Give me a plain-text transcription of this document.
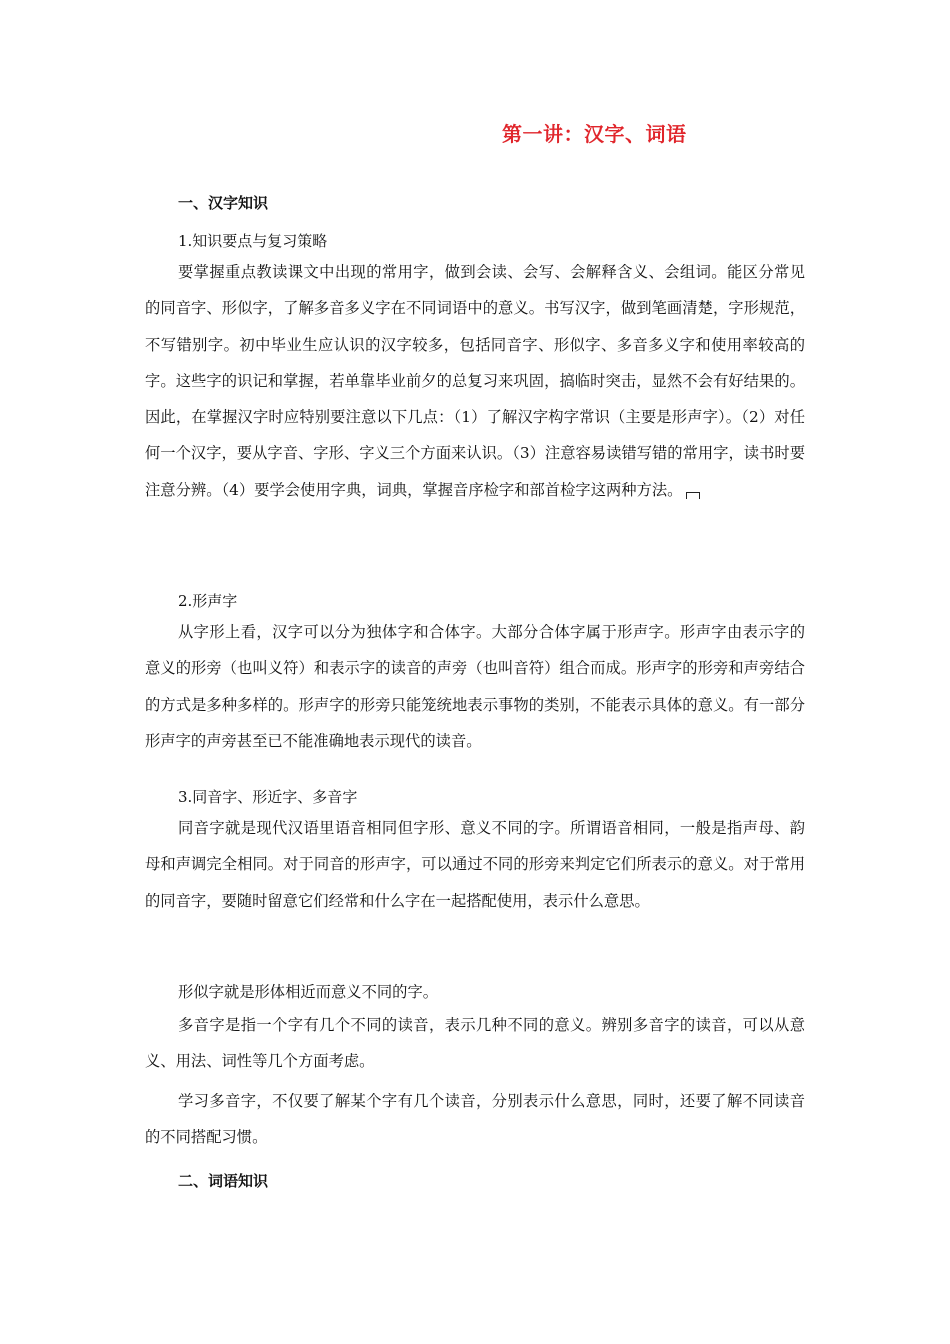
第一讲：汉字、词语
一、汉字知识
1.知识要点与复习策略

要掌握重点教读课文中出现的常用字，做到会读、会写、会解释含义、会组词。能区分常见的同音字、形似字，了解多音多义字在不同词语中的意义。书写汉字，做到笔画清楚，字形规范，不写错别字。初中毕业生应认识的汉字较多，包括同音字、形似字、多音多义字和使用率较高的字。这些字的识记和掌握，若单靠毕业前夕的总复习来巩固，搞临时突击，显然不会有好结果的。因此，在掌握汉字时应特别要注意以下几点：（1）了解汉字构字常识（主要是形声字）。（2）对任何一个汉字，要从字音、字形、字义三个方面来认识。（3）注意容易读错写错的常用字，读书时要注意分辨。（4）要学会使用字典，词典，掌握音序检字和部首检字这两种方法。

2.形声字

从字形上看，汉字可以分为独体字和合体字。大部分合体字属于形声字。形声字由表示字的意义的形旁（也叫义符）和表示字的读音的声旁（也叫音符）组合而成。形声字的形旁和声旁结合的方式是多种多样的。形声字的形旁只能笼统地表示事物的类别，不能表示具体的意义。有一部分形声字的声旁甚至已不能准确地表示现代的读音。

3.同音字、形近字、多音字

同音字就是现代汉语里语音相同但字形、意义不同的字。所谓语音相同，一般是指声母、韵母和声调完全相同。对于同音的形声字，可以通过不同的形旁来判定它们所表示的意义。对于常用的同音字，要随时留意它们经常和什么字在一起搭配使用，表示什么意思。

形似字就是形体相近而意义不同的字。

多音字是指一个字有几个不同的读音，表示几种不同的意义。辨别多音字的读音，可以从意义、用法、词性等几个方面考虑。

学习多音字，不仅要了解某个字有几个读音，分别表示什么意思，同时，还要了解不同读音的不同搭配习惯。

二、词语知识
